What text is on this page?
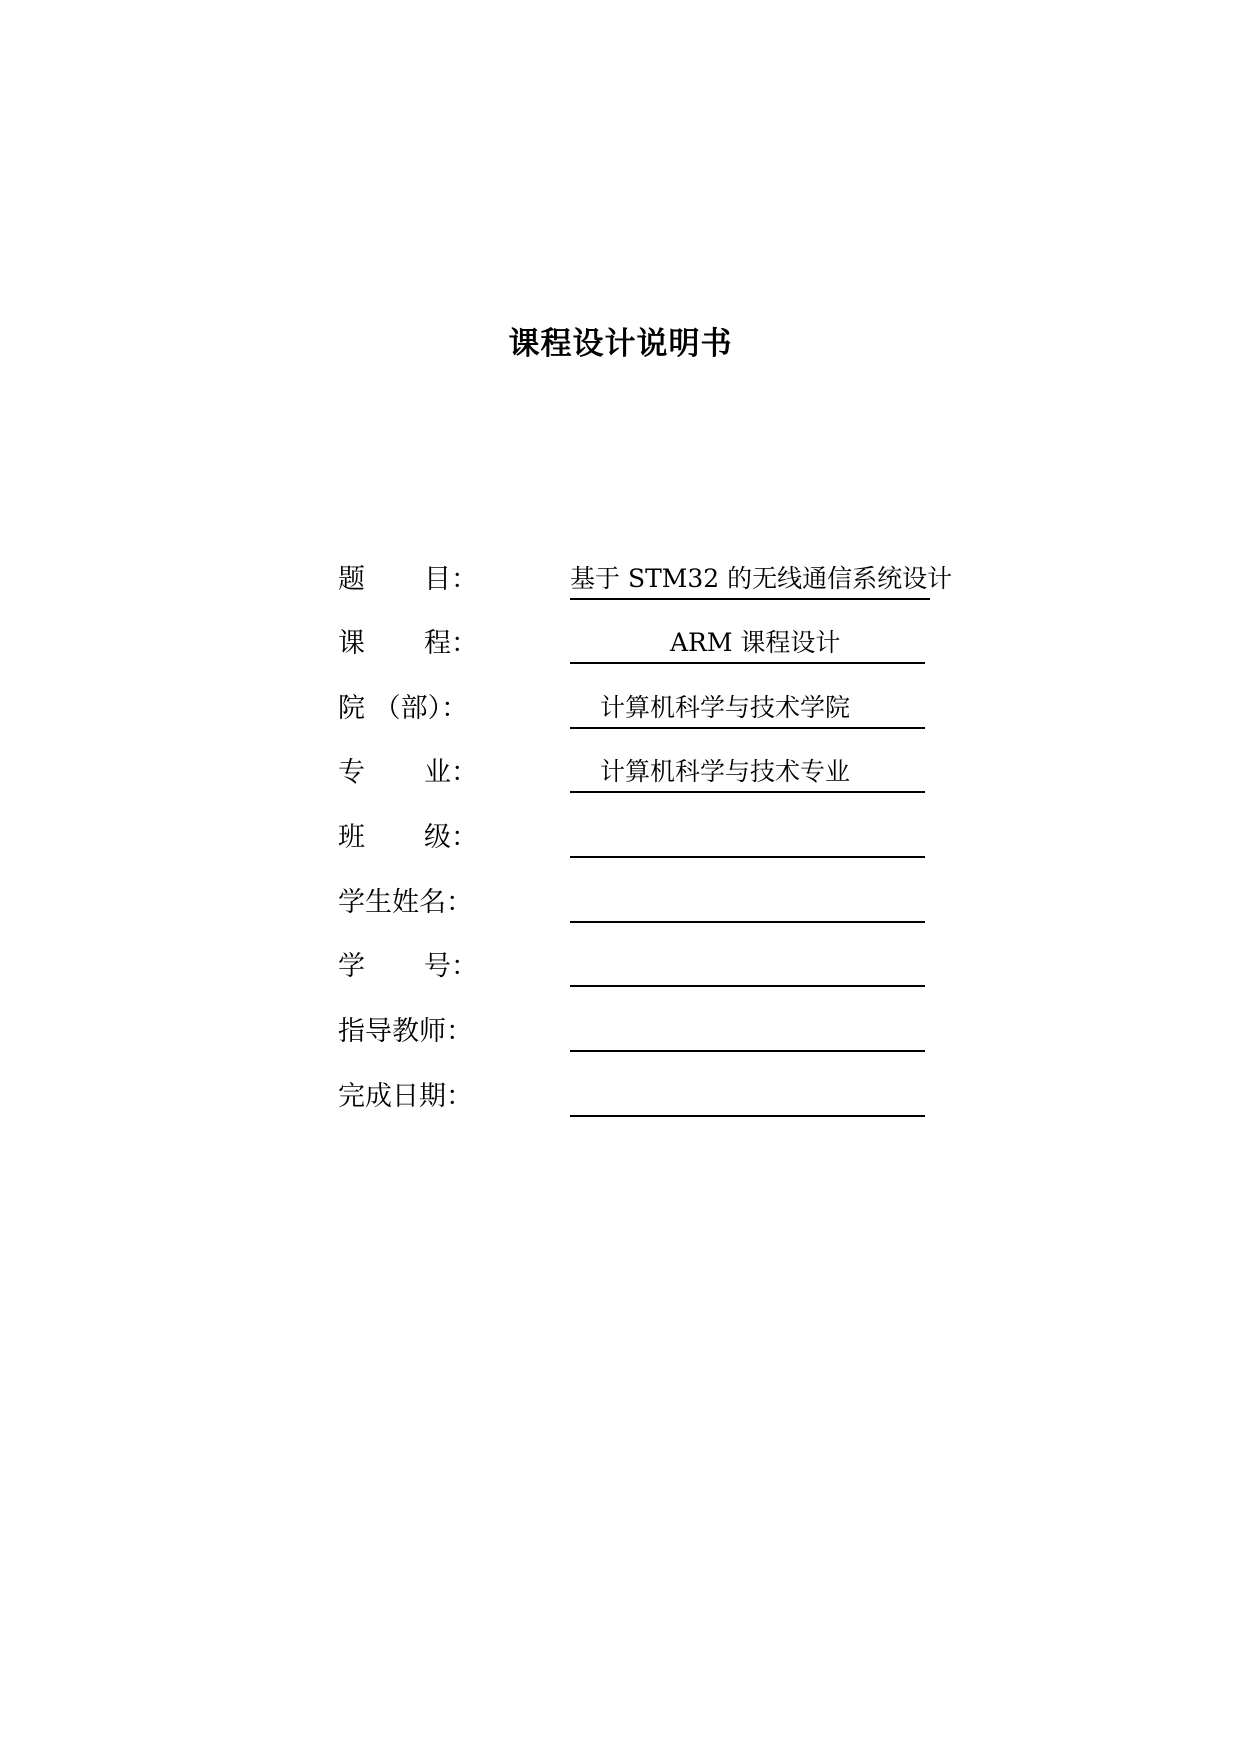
课程设计说明书
题 目：	基于 STM32 的无线通信系统设计
课 程：	ARM 课程设计
院 （部）：	计算机科学与技术学院
专 业：	计算机科学与技术专业
班 级：
学生姓名：
学 号：
指导教师：
完成日期：
